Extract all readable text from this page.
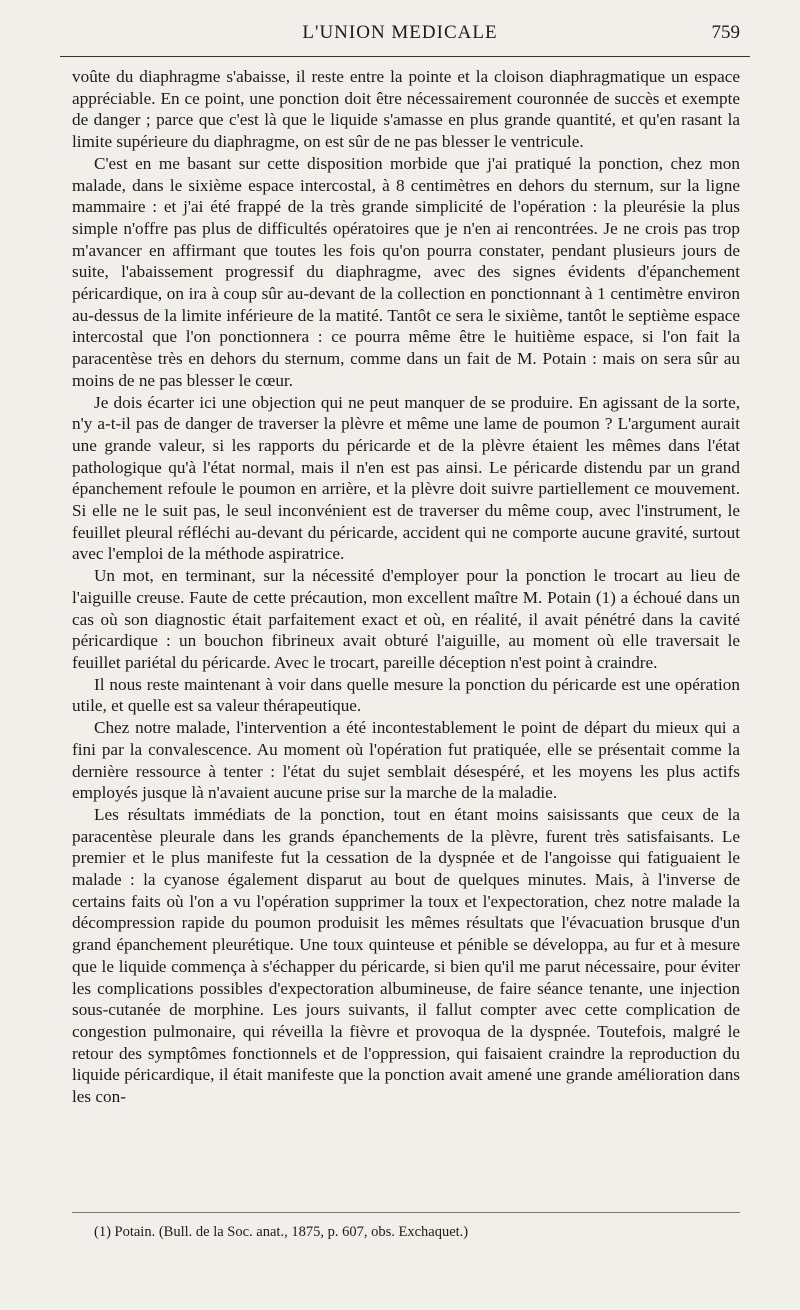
L'UNION MEDICALE	759

voûte du diaphragme s'abaisse, il reste entre la pointe et la cloison diaphragmatique un espace appréciable. En ce point, une ponction doit être nécessairement couronnée de succès et exempte de danger ; parce que c'est là que le liquide s'amasse en plus grande quantité, et qu'en rasant la limite supérieure du diaphragme, on est sûr de ne pas blesser le ventricule.

C'est en me basant sur cette disposition morbide que j'ai pratiqué la ponction, chez mon malade, dans le sixième espace intercostal, à 8 centimètres en dehors du sternum, sur la ligne mammaire : et j'ai été frappé de la très grande simplicité de l'opération : la pleurésie la plus simple n'offre pas plus de difficultés opératoires que je n'en ai rencontrées. Je ne crois pas trop m'avancer en affirmant que toutes les fois qu'on pourra constater, pendant plusieurs jours de suite, l'abaissement progressif du diaphragme, avec des signes évidents d'épanchement péricardique, on ira à coup sûr au-devant de la collection en ponctionnant à 1 centimètre environ au-dessus de la limite inférieure de la matité. Tantôt ce sera le sixième, tantôt le septième espace intercostal que l'on ponctionnera : ce pourra même être le huitième espace, si l'on fait la paracentèse très en dehors du sternum, comme dans un fait de M. Potain : mais on sera sûr au moins de ne pas blesser le cœur.

Je dois écarter ici une objection qui ne peut manquer de se produire. En agissant de la sorte, n'y a-t-il pas de danger de traverser la plèvre et même une lame de poumon ? L'argument aurait une grande valeur, si les rapports du péricarde et de la plèvre étaient les mêmes dans l'état pathologique qu'à l'état normal, mais il n'en est pas ainsi. Le péricarde distendu par un grand épanchement refoule le poumon en arrière, et la plèvre doit suivre partiellement ce mouvement. Si elle ne le suit pas, le seul inconvénient est de traverser du même coup, avec l'instrument, le feuillet pleural réfléchi au-devant du péricarde, accident qui ne comporte aucune gravité, surtout avec l'emploi de la méthode aspiratrice.

Un mot, en terminant, sur la nécessité d'employer pour la ponction le trocart au lieu de l'aiguille creuse. Faute de cette précaution, mon excellent maître M. Potain (1) a échoué dans un cas où son diagnostic était parfaitement exact et où, en réalité, il avait pénétré dans la cavité péricardique : un bouchon fibrineux avait obturé l'aiguille, au moment où elle traversait le feuillet pariétal du péricarde. Avec le trocart, pareille déception n'est point à craindre.

Il nous reste maintenant à voir dans quelle mesure la ponction du péricarde est une opération utile, et quelle est sa valeur thérapeutique.

Chez notre malade, l'intervention a été incontestablement le point de départ du mieux qui a fini par la convalescence. Au moment où l'opération fut pratiquée, elle se présentait comme la dernière ressource à tenter : l'état du sujet semblait désespéré, et les moyens les plus actifs employés jusque là n'avaient aucune prise sur la marche de la maladie.

Les résultats immédiats de la ponction, tout en étant moins saisissants que ceux de la paracentèse pleurale dans les grands épanchements de la plèvre, furent très satisfaisants. Le premier et le plus manifeste fut la cessation de la dyspnée et de l'angoisse qui fatiguaient le malade : la cyanose également disparut au bout de quelques minutes. Mais, à l'inverse de certains faits où l'on a vu l'opération supprimer la toux et l'expectoration, chez notre malade la décompression rapide du poumon produisit les mêmes résultats que l'évacuation brusque d'un grand épanchement pleurétique. Une toux quinteuse et pénible se développa, au fur et à mesure que le liquide commença à s'échapper du péricarde, si bien qu'il me parut nécessaire, pour éviter les complications possibles d'expectoration albumineuse, de faire séance tenante, une injection sous-cutanée de morphine. Les jours suivants, il fallut compter avec cette complication de congestion pulmonaire, qui réveilla la fièvre et provoqua de la dyspnée. Toutefois, malgré le retour des symptômes fonctionnels et de l'oppression, qui faisaient craindre la reproduction du liquide péricardique, il était manifeste que la ponction avait amené une grande amélioration dans les con-

(1) Potain. (Bull. de la Soc. anat., 1875, p. 607, obs. Exchaquet.)
